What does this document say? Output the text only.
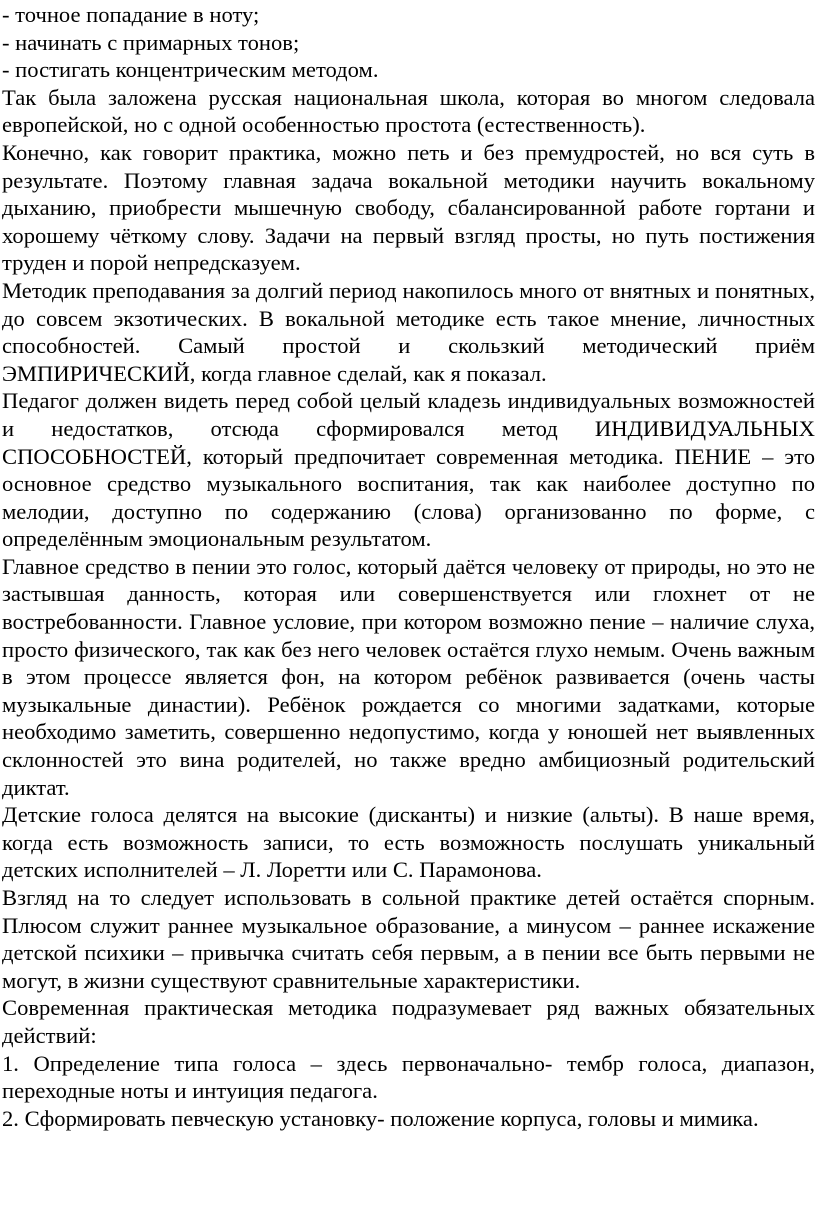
- точное попадание в ноту;
- начинать с примарных тонов;
- постигать концентрическим методом.

Так была заложена русская национальная школа, которая во многом следовала европейской, но с одной особенностью простота (естественность).

Конечно, как говорит практика, можно петь и без премудростей, но вся суть в результате. Поэтому главная задача вокальной методики научить вокальному дыханию, приобрести мышечную свободу, сбалансированной работе гортани и хорошему чёткому слову. Задачи на первый взгляд просты, но путь постижения труден и порой непредсказуем.

Методик преподавания за долгий период накопилось много от внятных и понятных, до совсем экзотических. В вокальной методике есть такое мнение, личностных способностей. Самый простой и скользкий методический приём ЭМПИРИЧЕСКИЙ, когда главное сделай, как я показал.

Педагог должен видеть перед собой целый кладезь индивидуальных возможностей и недостатков, отсюда сформировался метод ИНДИВИДУАЛЬНЫХ СПОСОБНОСТЕЙ, который предпочитает современная методика. ПЕНИЕ – это основное средство музыкального воспитания, так как наиболее доступно по мелодии, доступно по содержанию (слова) организованно по форме, с определённым эмоциональным результатом.

Главное средство в пении это голос, который даётся человеку от природы, но это не застывшая данность, которая или совершенствуется или глохнет от не востребованности. Главное условие, при котором возможно пение – наличие слуха, просто физического, так как без него человек остаётся глухо немым. Очень важным в этом процессе является фон, на котором ребёнок развивается (очень часты музыкальные династии). Ребёнок рождается со многими задатками, которые необходимо заметить, совершенно недопустимо, когда у юношей нет выявленных склонностей это вина родителей, но также вредно амбициозный родительский диктат.

Детские голоса делятся на высокие (дисканты) и низкие (альты). В наше время, когда есть возможность записи, то есть возможность послушать уникальный детских исполнителей – Л. Лоретти или С. Парамонова.

Взгляд на то следует использовать в сольной практике детей остаётся спорным. Плюсом служит раннее музыкальное образование, а минусом – раннее искажение детской психики – привычка считать себя первым, а в пении все быть первыми не могут, в жизни существуют сравнительные характеристики.

Современная практическая методика подразумевает ряд важных обязательных действий:

1. Определение типа голоса – здесь первоначально- тембр голоса, диапазон, переходные ноты и интуиция педагога.

2. Сформировать певческую установку- положение корпуса, головы и мимика.
